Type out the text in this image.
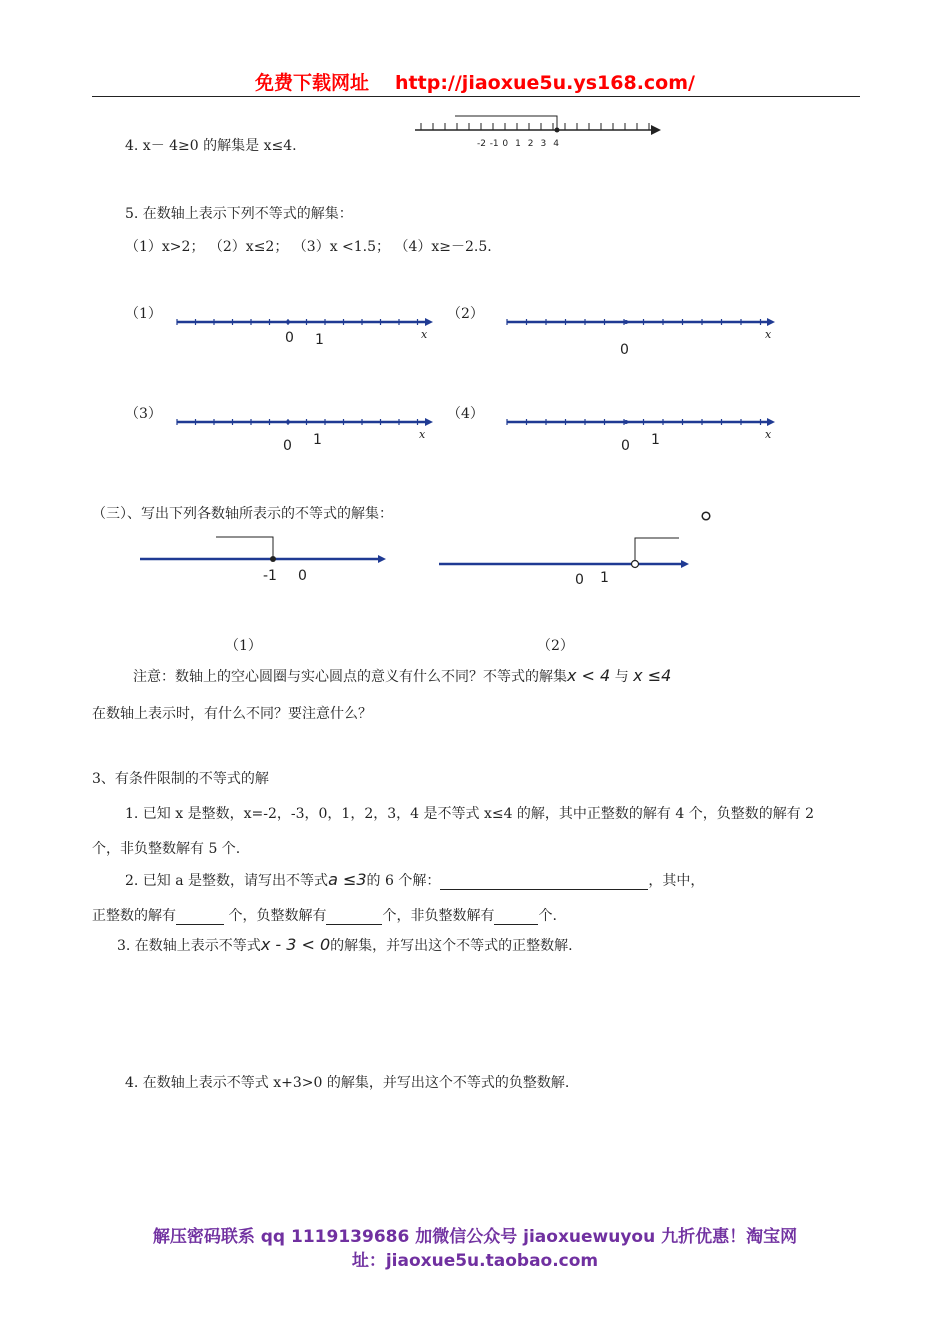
免费下载网址 http://jiaoxue5u.ys168.com/
4. x－ 4≥0 的解集是 x≤4.	-2 -1 0 1 2 3 4
5. 在数轴上表示下列不等式的解集：
（1）x>2； （2）x≤2； （3）x <1.5； （4）x≥－2.5.
（1）
0 1	x
（2）
0
x
（3）
0 1	x
（4）
0 1	x
（三）、写出下列各数轴所表示的不等式的解集：
-1 0	0 1
（1）	（2）
注意：数轴上的空心圆圈与实心圆点的意义有什么不同？不等式的解集x < 4 与 x ≤4
在数轴上表示时，有什么不同？要注意什么？
3、有条件限制的不等式的解
1. 已知 x 是整数，x=-2，-3，0，1，2，3，4 是不等式 x≤4 的解，其中正整数的解有 4 个，负整数的解有 2
个，非负整数解有 5 个.
2. 已知 a 是整数，请写出不等式a ≤3的 6 个解：	，其中，
正整数的解有	个，负整数解有	个，非负整数解有	个.
3. 在数轴上表示不等式x - 3 < 0的解集，并写出这个不等式的正整数解.
4. 在数轴上表示不等式 x+3>0 的解集，并写出这个不等式的负整数解.
解压密码联系 qq 1119139686 加微信公众号 jiaoxuewuyou 九折优惠！淘宝网
址：jiaoxue5u.taobao.com
